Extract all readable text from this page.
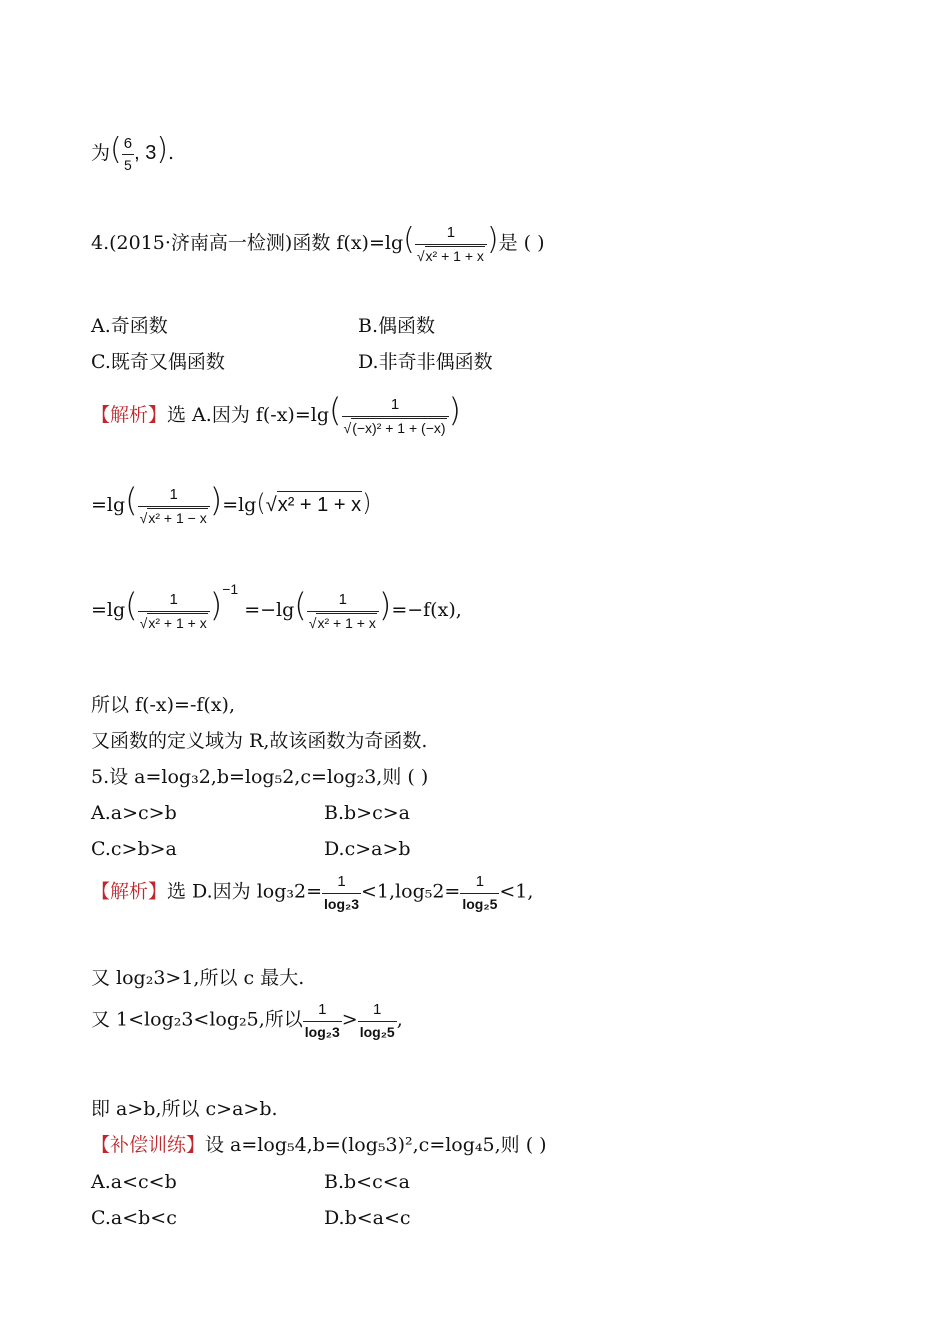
为( $\frac{6}{5}$ , 3).
4.(2015·济南高一检测)函数 $f(x)=\lg( \frac{1}{\text{√x² + 1 + x}}$ )是 ( )
A.奇函数	B.偶函数
C.既奇又偶函数	D.非奇非偶函数
【解析】选 A.因为 $f(-x)=\lg( \frac{1}{\text{√(−x)² + 1 + (−x)}}$ )
$=\lg( \frac{1}{\text{√x² + 1 − x}} )=\lg(√x^2 + 1 + x)$
$=\lg( \frac{1}{\text{√x² + 1 + x}} )^{-1} =-\lg( \frac{1}{\text{√x² + 1 + x}} )=-f(x)$,
所以 f(-x)=-f(x),
又函数的定义域为 R,故该函数为奇函数.
5.设 a=log₃2,b=log₅2,c=log₂3,则 ( )
A.a>c>b	B.b>c>a
C.c>b>a	D.c>a>b
【解析】选 D.因为 $\log_32= \frac{1}{\text{log₂3}} <1,\log_52= \frac{1}{\text{log₂5}} <1$,
又 log₂3>1,所以 c 最大.
又 1<log₂3<log₂5,所以 $\frac{1}{\text{log₂3}} > \frac{1}{\text{log₂5}}$ ,
即 a>b,所以 c>a>b.
【补偿训练】设 a=log₅4,b=(log₅3)²,c=log₄5,则 ( )
A.a<c<b	B.b<c<a
C.a<b<c	D.b<a<c
